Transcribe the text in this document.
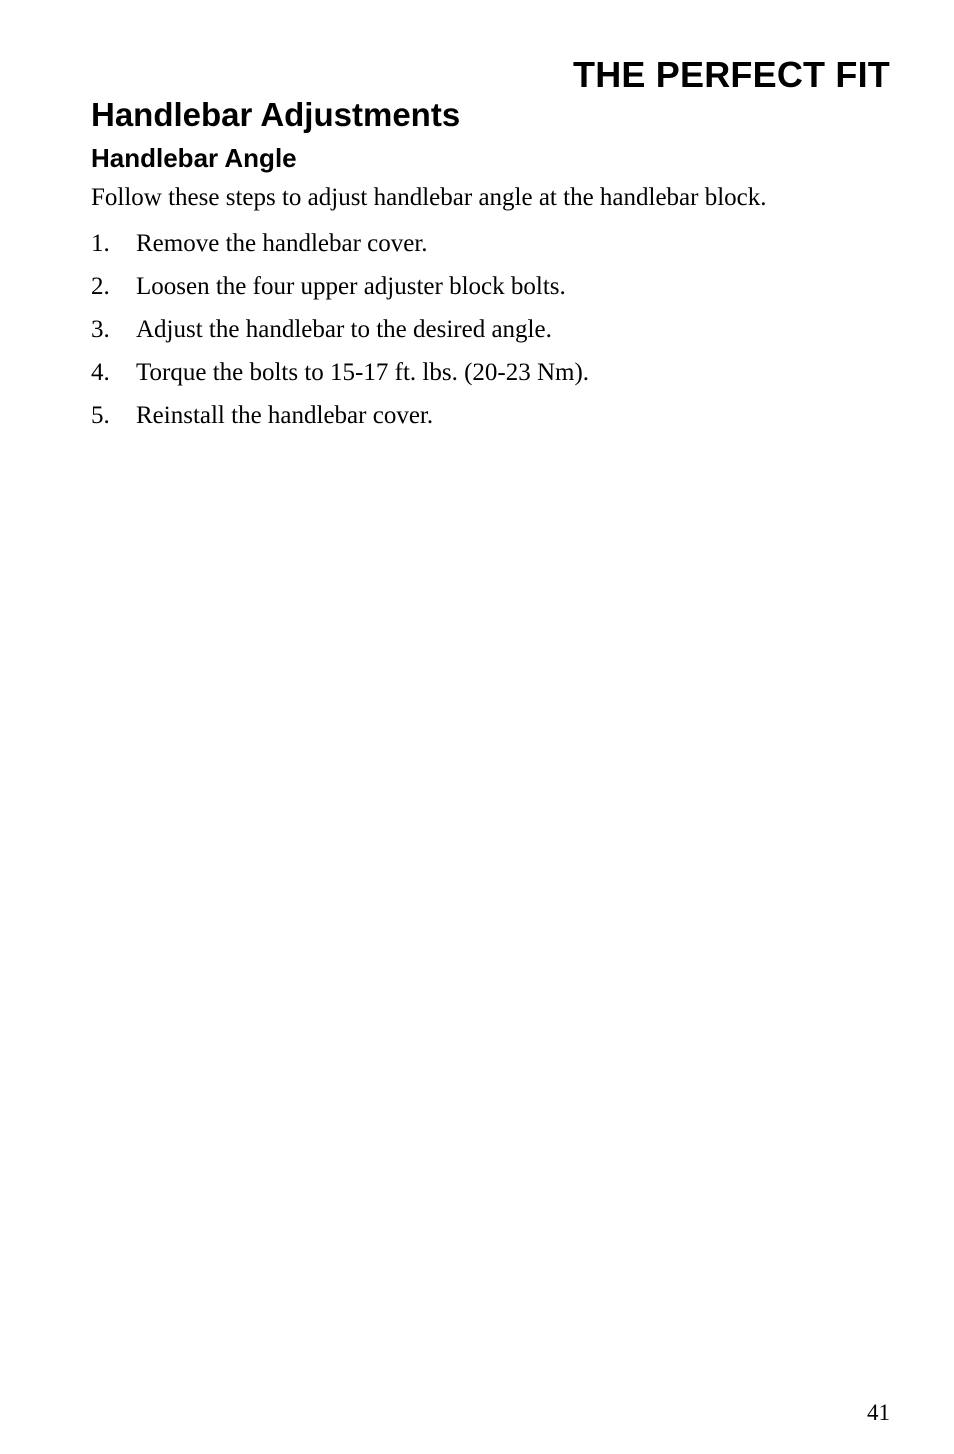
THE PERFECT FIT
Handlebar Adjustments
Handlebar Angle

Follow these steps to adjust handlebar angle at the handlebar block.

1.	Remove the handlebar cover.
2.	Loosen the four upper adjuster block bolts.
3.	Adjust the handlebar to the desired angle.
4.	Torque the bolts to 15-17 ft. lbs. (20-23 Nm).
5.	Reinstall the handlebar cover.
41
